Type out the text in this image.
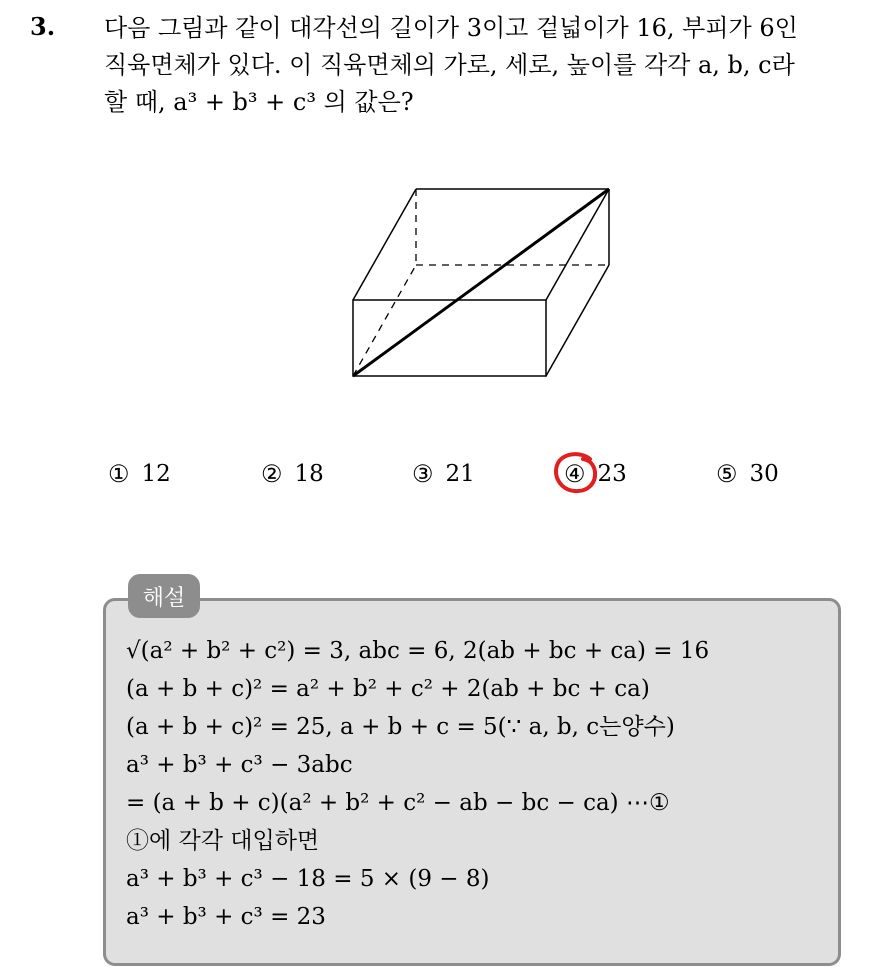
3. 다음 그림과 같이 대각선의 길이가 3이고 겉넓이가 16, 부피가 6인
직육면체가 있다. 이 직육면체의 가로, 세로, 높이를 각각 a, b, c라
할 때, a³ + b³ + c³ 의 값은?
① 12	② 18	③ 21	④ 23	⑤ 30
해설
√(a² + b² + c²) = 3, abc = 6, 2(ab + bc + ca) = 16
(a + b + c)² = a² + b² + c² + 2(ab + bc + ca)
(a + b + c)² = 25, a + b + c = 5(∵ a, b, c는양수)
a³ + b³ + c³ − 3abc
= (a + b + c)(a² + b² + c² − ab − bc − ca) ⋯①
①에 각각 대입하면
a³ + b³ + c³ − 18 = 5 × (9 − 8)
a³ + b³ + c³ = 23
